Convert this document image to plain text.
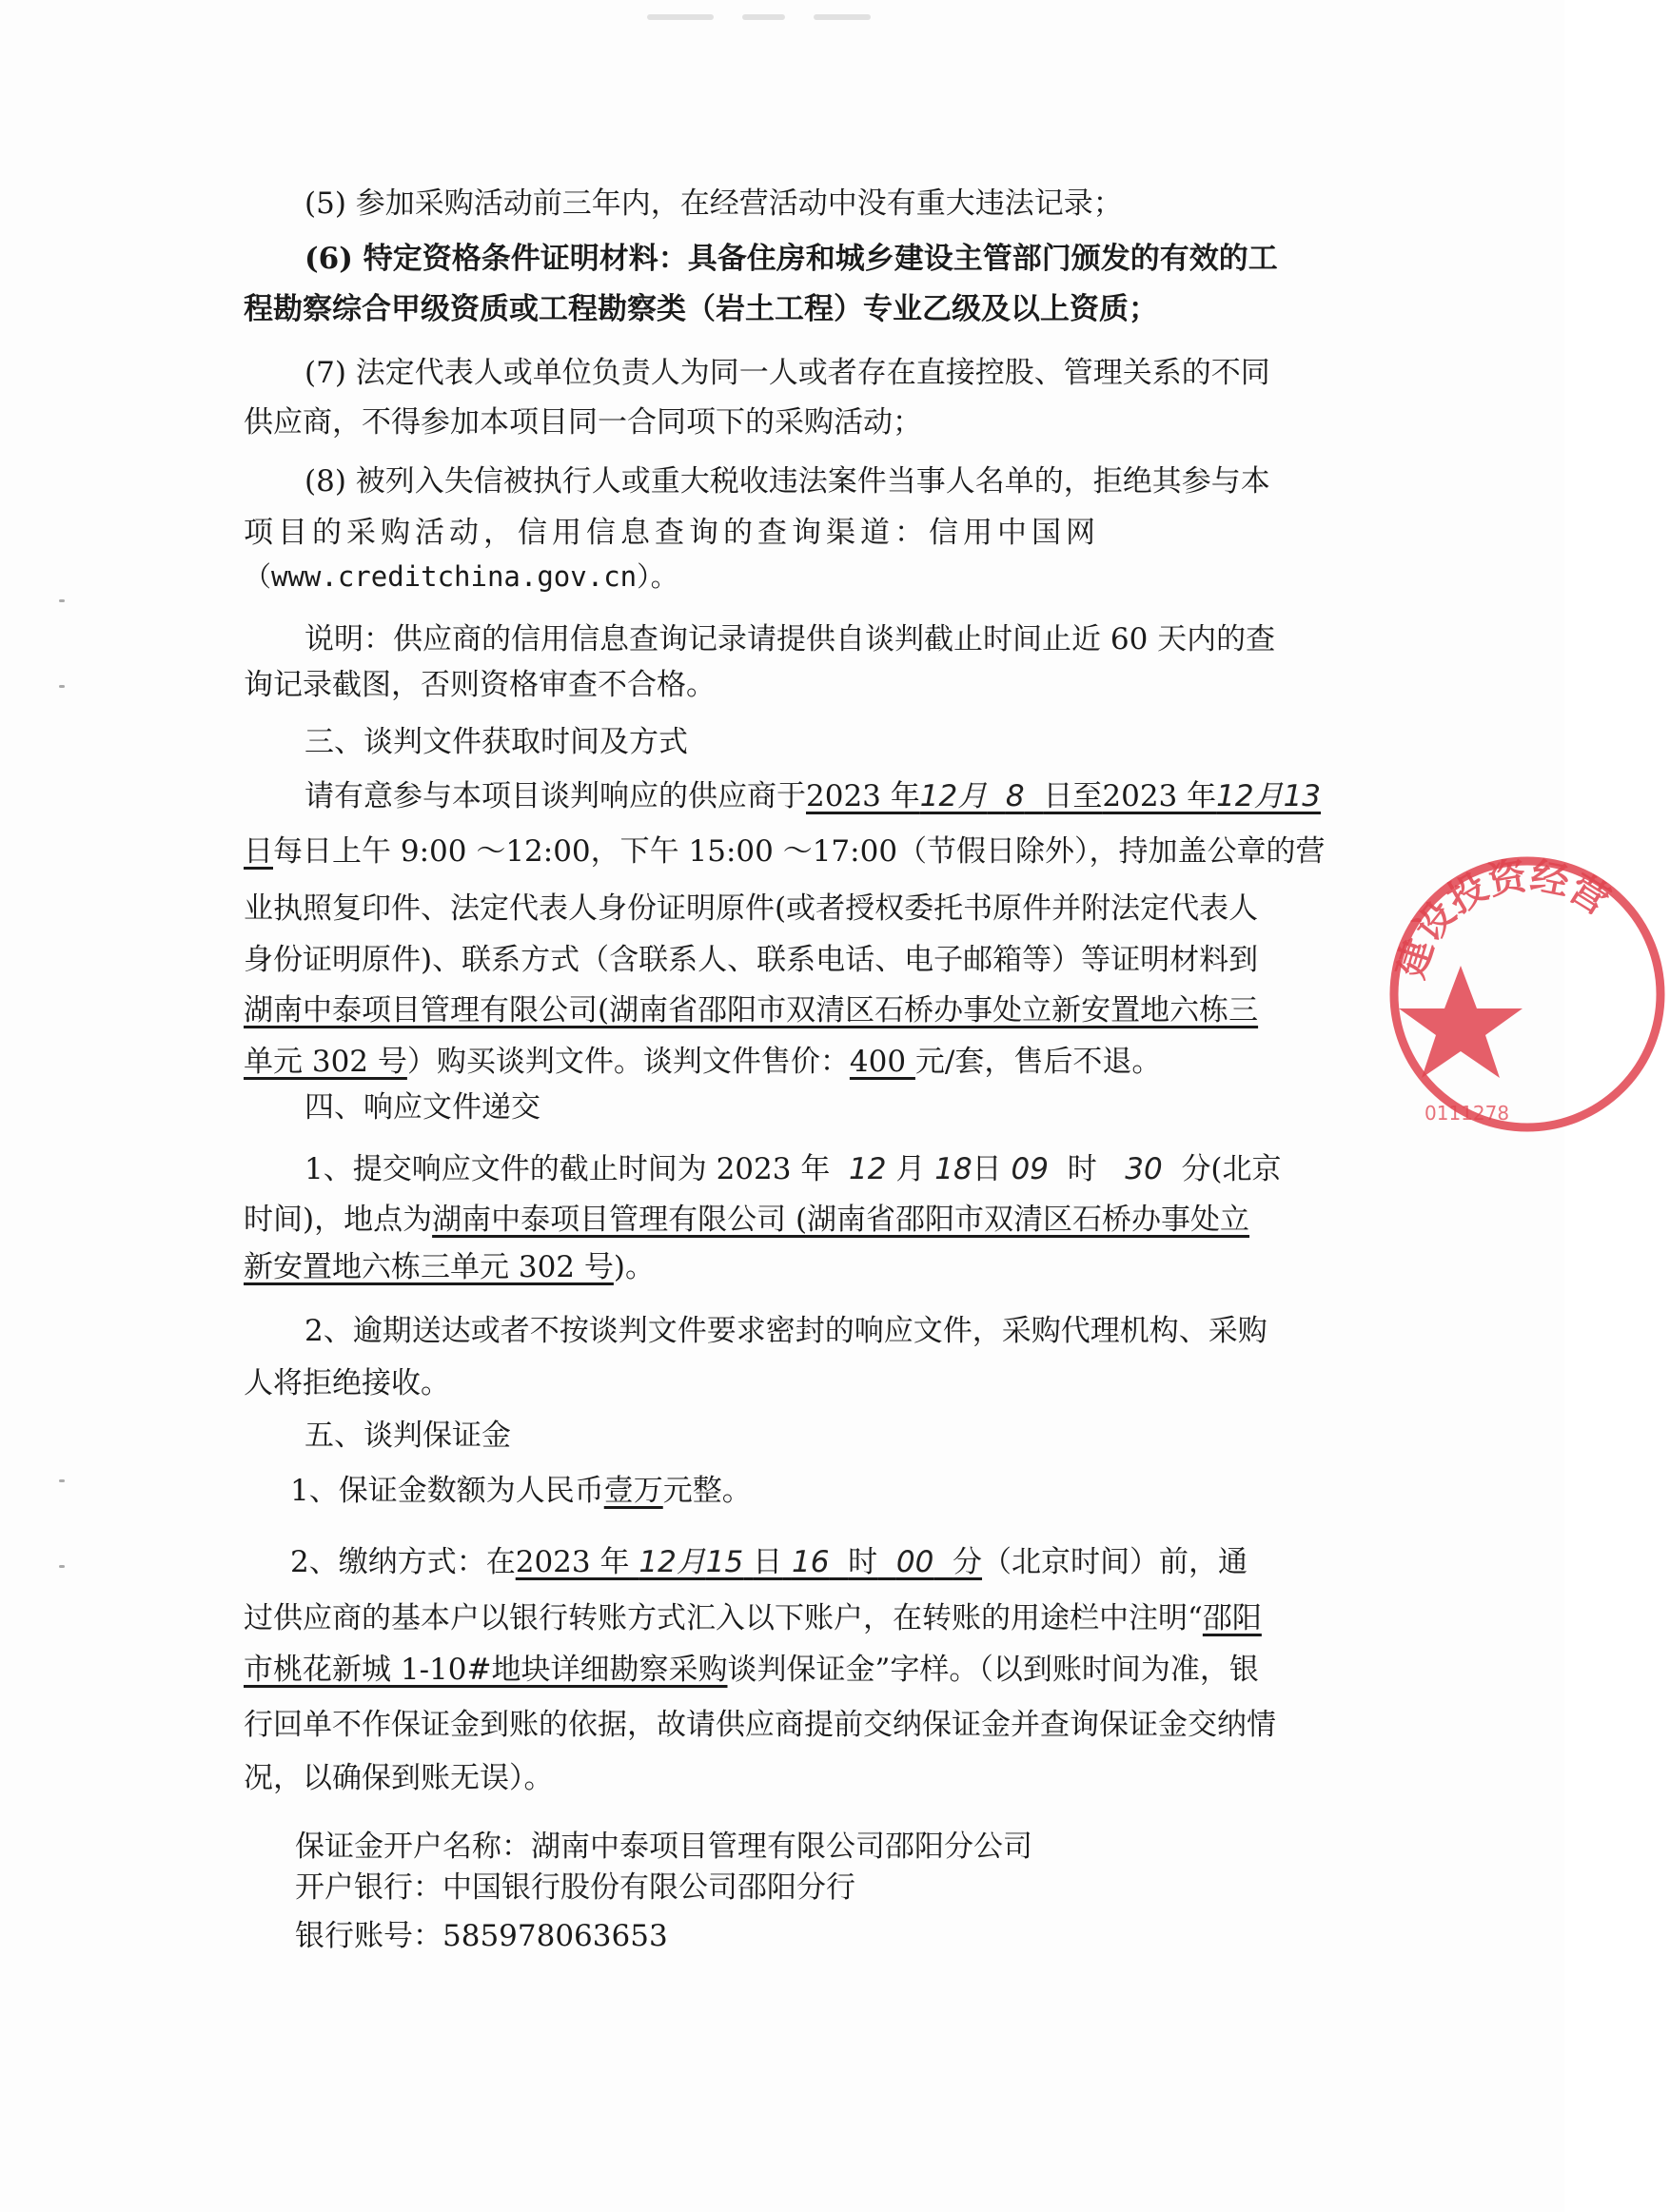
(5) 参加采购活动前三年内，在经营活动中没有重大违法记录；
(6) 特定资格条件证明材料：具备住房和城乡建设主管部门颁发的有效的工
程勘察综合甲级资质或工程勘察类（岩土工程）专业乙级及以上资质；
(7) 法定代表人或单位负责人为同一人或者存在直接控股、管理关系的不同
供应商，不得参加本项目同一合同项下的采购活动；
(8) 被列入失信被执行人或重大税收违法案件当事人名单的，拒绝其参与本
项目的采购活动，信用信息查询的查询渠道：信用中国网
（www.creditchina.gov.cn）。
说明：供应商的信用信息查询记录请提供自谈判截止时间止近 60 天内的查
询记录截图，否则资格审查不合格。
三、谈判文件获取时间及方式
请有意参与本项目谈判响应的供应商于2023 年12月 8 日至2023 年12月13
日每日上午 9:00 ～12:00，下午 15:00 ～17:00（节假日除外），持加盖公章的营
业执照复印件、法定代表人身份证明原件(或者授权委托书原件并附法定代表人
身份证明原件)、联系方式（含联系人、联系电话、电子邮箱等）等证明材料到
湖南中泰项目管理有限公司(湖南省邵阳市双清区石桥办事处立新安置地六栋三
单元 302 号）购买谈判文件。谈判文件售价：400 元/套，售后不退。
四、响应文件递交
1、提交响应文件的截止时间为 2023 年 12 月 18日 09 时 30 分(北京
时间)，地点为湖南中泰项目管理有限公司 (湖南省邵阳市双清区石桥办事处立
新安置地六栋三单元 302 号)。
2、逾期送达或者不按谈判文件要求密封的响应文件，采购代理机构、采购
人将拒绝接收。
五、谈判保证金
1、保证金数额为人民币壹万元整。
2、缴纳方式：在2023 年 12月15 日 16 时 00 分（北京时间）前，通
过供应商的基本户以银行转账方式汇入以下账户，在转账的用途栏中注明“邵阳
市桃花新城 1-10#地块详细勘察采购谈判保证金”字样。（以到账时间为准，银
行回单不作保证金到账的依据，故请供应商提前交纳保证金并查询保证金交纳情
况，以确保到账无误）。
保证金开户名称：湖南中泰项目管理有限公司邵阳分公司
开户银行：中国银行股份有限公司邵阳分行
银行账号：585978063653
建设投资经营
0111278
